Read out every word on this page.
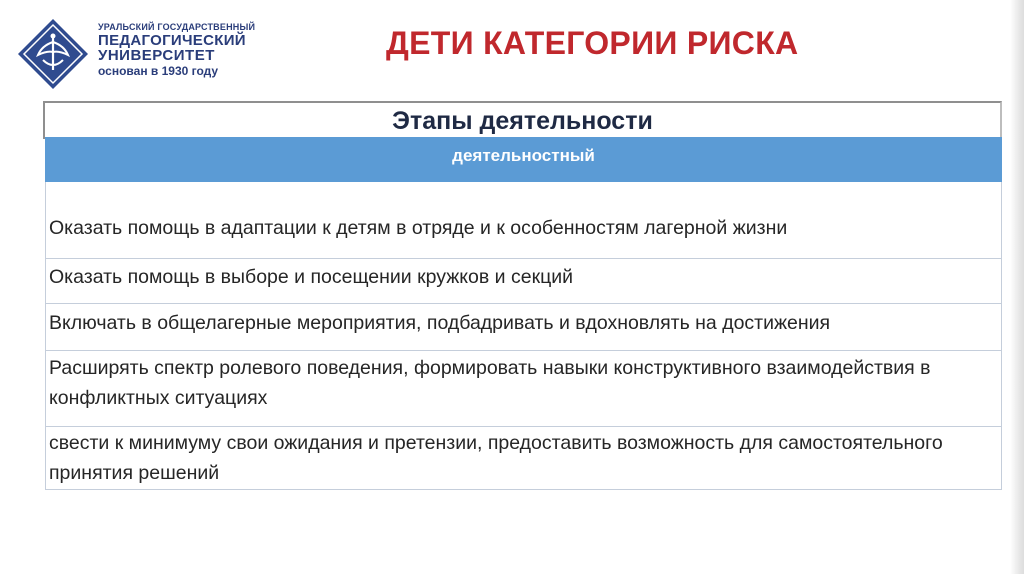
УРАЛЬСКИЙ ГОСУДАРСТВЕННЫЙ
ПЕДАГОГИЧЕСКИЙ
УНИВЕРСИТЕТ
основан в 1930 году
ДЕТИ КАТЕГОРИИ РИСКА
Этапы деятельности
деятельностный
Оказать помощь в адаптации к детям в отряде и к особенностям лагерной жизни
Оказать помощь в выборе и посещении кружков и секций
Включать в общелагерные мероприятия, подбадривать и вдохновлять на достижения
Расширять спектр ролевого поведения, формировать навыки конструктивного взаимодействия в конфликтных ситуациях
свести к минимуму свои ожидания и претензии, предоставить возможность для самостоятельного принятия решений
